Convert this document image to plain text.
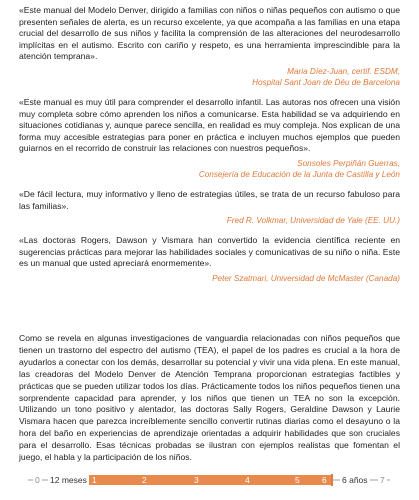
«Este manual del Modelo Denver, dirigido a familias con niños o niñas pequeños con autismo o que presenten señales de alerta, es un recurso excelente, ya que acompaña a las familias en una etapa crucial del desarrollo de sus niños y facilita la comprensión de las alteraciones del neurodesarrollo implícitas en el autismo. Escrito con cariño y respeto, es una herramienta imprescindible para la atención temprana».

Maria Díez-Juan, certif. ESDM,
Hospital Sant Joan de Déu de Barcelona

«Este manual es muy útil para comprender el desarrollo infantil. Las autoras nos ofrecen una visión muy completa sobre cómo aprenden los niños a comunicarse. Esta habilidad se va adquiriendo en situaciones cotidianas y, aunque parece sencilla, en realidad es muy compleja. Nos explican de una forma muy accesible estrategias para poner en práctica e incluyen muchos ejemplos que pueden guiarnos en el recorrido de construir las relaciones con nuestros pequeños».

Sonsoles Perpiñán Guerras,
Consejería de Educación de la Junta de Castilla y León

«De fácil lectura, muy informativo y lleno de estrategias útiles, se trata de un recurso fabuloso para las familias».

Fred R. Volkmar, Universidad de Yale (EE. UU.)

«Las doctoras Rogers, Dawson y Vismara han convertido la evidencia científica reciente en sugerencias prácticas para mejorar las habilidades sociales y comunicativas de su niño o niña. Este es un manual que usted apreciará enormemente».

Peter Szatmari, Universidad de McMaster (Canada)

Como se revela en algunas investigaciones de vanguardia relacionadas con niños pequeños que tienen un trastorno del espectro del autismo (TEA), el papel de los padres es crucial a la hora de ayudarlos a conectar con los demás, desarrollar su potencial y vivir una vida plena. En este manual, las creadoras del Modelo Denver de Atención Temprana proporcionan estrategias factibles y prácticas que se pueden utilizar todos los días. Prácticamente todos los niños pequeños tienen una sorprendente capacidad para aprender, y los niños que tienen un TEA no son la excepción. Utilizando un tono positivo y alentador, las doctoras Sally Rogers, Geraldine Dawson y Laurie Vismara hacen que parezca increíblemente sencillo convertir rutinas diarias como el desayuno o la hora del baño en experiencias de aprendizaje orientadas a adquirir habilidades que son cruciales para el desarrollo. Esas técnicas probadas se ilustran con ejemplos realistas que fomentan el juego, el habla y la participación de los niños.

0 12 meses 1	2	3	4	5	6 6 años 7
